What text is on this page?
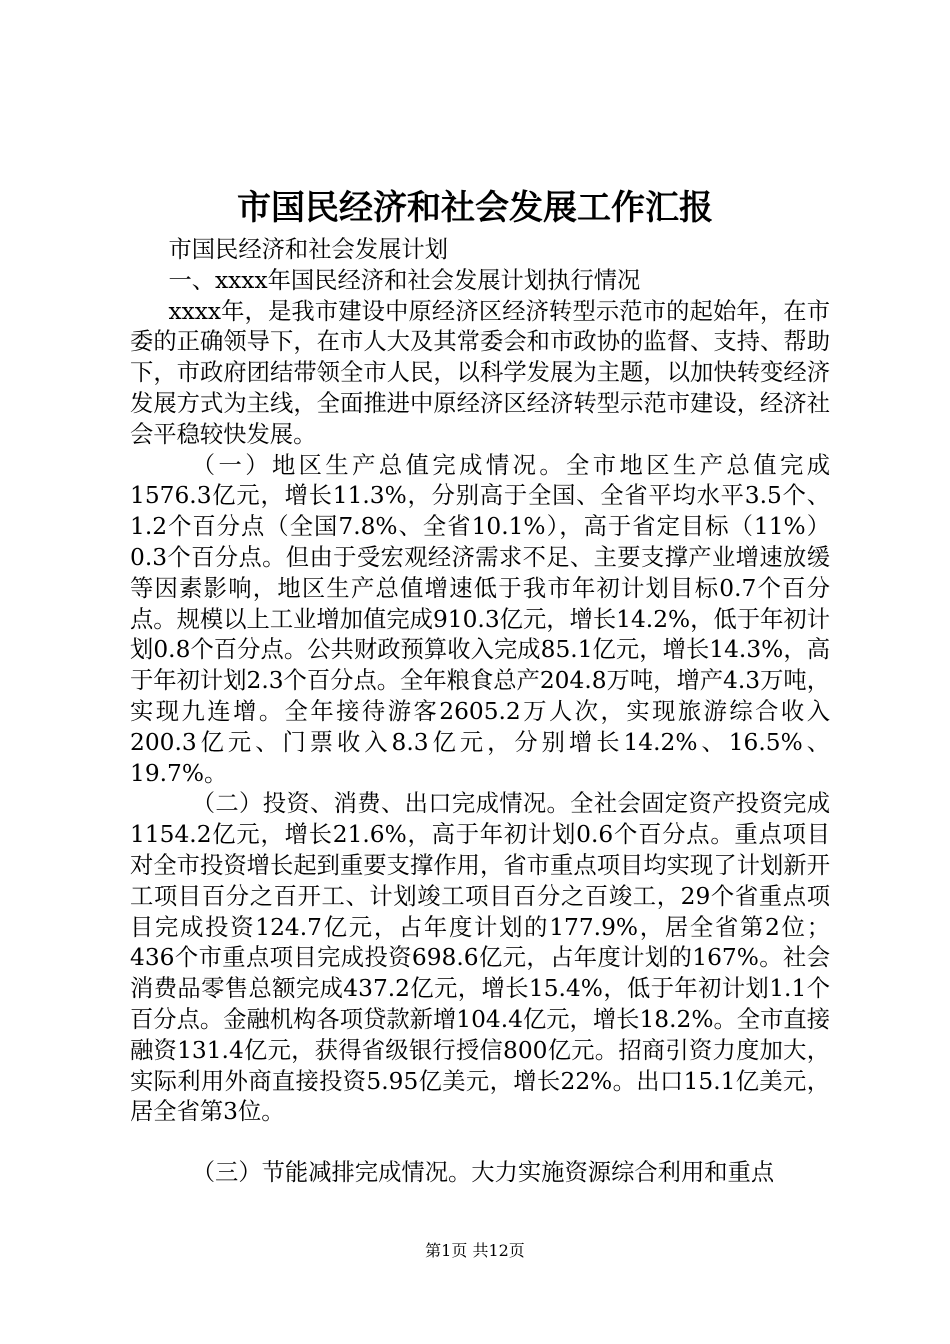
市国民经济和社会发展工作汇报

市国民经济和社会发展计划

一、xxxx年国民经济和社会发展计划执行情况

xxxx年，是我市建设中原经济区经济转型示范市的起始年，在市委的正确领导下，在市人大及其常委会和市政协的监督、支持、帮助下，市政府团结带领全市人民，以科学发展为主题，以加快转变经济发展方式为主线，全面推进中原经济区经济转型示范市建设，经济社会平稳较快发展。

（一）地区生产总值完成情况。全市地区生产总值完成1576.3亿元，增长11.3%，分别高于全国、全省平均水平3.5个、1.2个百分点（全国7.8%、全省10.1%），高于省定目标（11%）0.3个百分点。但由于受宏观经济需求不足、主要支撑产业增速放缓等因素影响，地区生产总值增速低于我市年初计划目标0.7个百分点。规模以上工业增加值完成910.3亿元，增长14.2%，低于年初计划0.8个百分点。公共财政预算收入完成85.1亿元，增长14.3%，高于年初计划2.3个百分点。全年粮食总产204.8万吨，增产4.3万吨，实现九连增。全年接待游客2605.2万人次，实现旅游综合收入200.3亿元、门票收入8.3亿元，分别增长14.2%、16.5%、19.7%。

（二）投资、消费、出口完成情况。全社会固定资产投资完成1154.2亿元，增长21.6%，高于年初计划0.6个百分点。重点项目对全市投资增长起到重要支撑作用，省市重点项目均实现了计划新开工项目百分之百开工、计划竣工项目百分之百竣工，29个省重点项目完成投资124.7亿元，占年度计划的177.9%，居全省第2位；436个市重点项目完成投资698.6亿元，占年度计划的167%。社会消费品零售总额完成437.2亿元，增长15.4%，低于年初计划1.1个百分点。金融机构各项贷款新增104.4亿元，增长18.2%。全市直接融资131.4亿元，获得省级银行授信800亿元。招商引资力度加大，实际利用外商直接投资5.95亿美元，增长22%。出口15.1亿美元，居全省第3位。

（三）节能减排完成情况。大力实施资源综合利用和重点

第1页 共12页
